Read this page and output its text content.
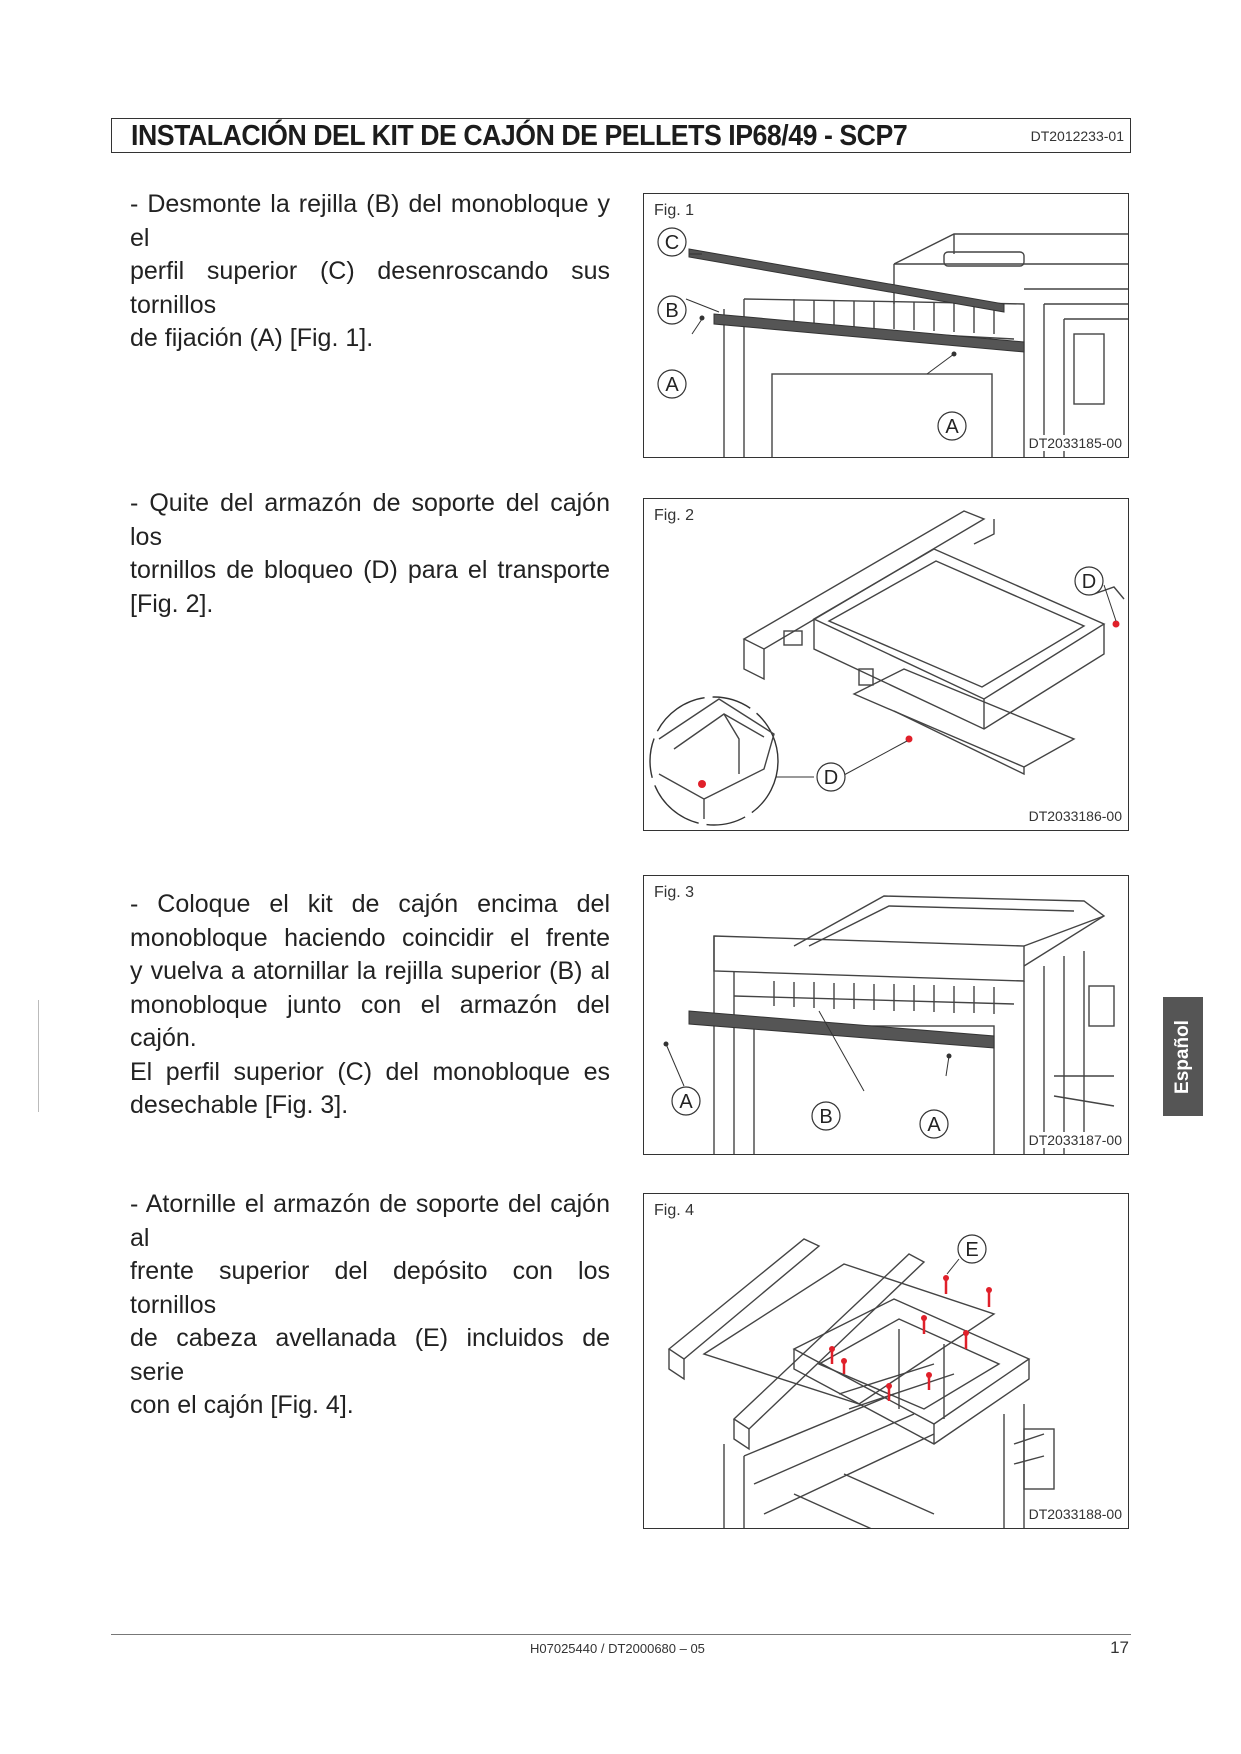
INSTALACIÓN DEL KIT DE CAJÓN DE PELLETS IP68/49 - SCP7	DT2012233-01
- Desmonte la rejilla (B) del monobloque y el
perfil superior (C) desenroscando sus tornillos
de fijación (A) [Fig. 1].
C
B
A
A
Fig. 1
DT2033185-00
- Quite del armazón de soporte del cajón los
tornillos de bloqueo (D) para el transporte
[Fig. 2].
D
D
Fig. 2
DT2033186-00
- Coloque el kit de cajón encima del
monobloque haciendo coincidir el frente
y vuelva a atornillar la rejilla superior (B) al
monobloque junto con el armazón del cajón.
El perfil superior (C) del monobloque es
desechable [Fig. 3].	A
B	A
Fig. 3
DT2033187-00
- Atornille el armazón de soporte del cajón al
frente superior del depósito con los tornillos
de cabeza avellanada (E) incluidos de serie
con el cajón [Fig. 4].
E
Fig. 4
DT2033188-00
Español
H07025440 / DT2000680 – 05	17
